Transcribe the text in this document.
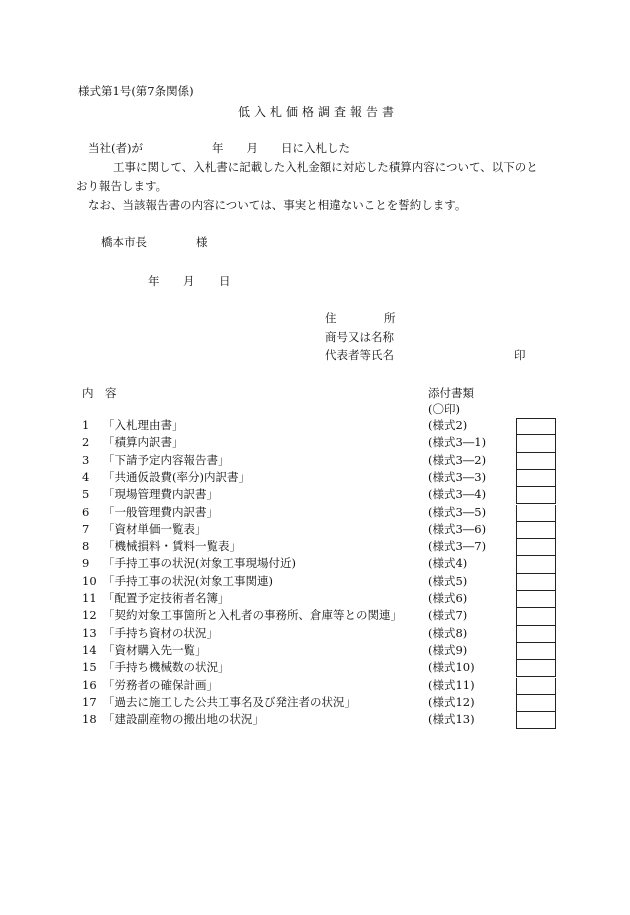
様式第1号(第7条関係)
低入札価格調査報告書
当社(者)が　　　　　　年　　月　　日に入札した
工事に関して、入札書に記載した入札金額に対応した積算内容について、以下のと
おり報告します。
なお、当該報告書の内容については、事実と相違ないことを誓約します。
橋本市長	様
年 月 日
住	所
商号又は名称
代表者等氏名	印
内　容	添付書類
(〇印)
1 「入札理由書」	(様式2)
2 「積算内訳書」	(様式3―1)
3 「下請予定内容報告書」	(様式3―2)
4 「共通仮設費(率分)内訳書」	(様式3―3)
5 「現場管理費内訳書」	(様式3―4)
6 「一般管理費内訳書」	(様式3―5)
7 「資材単価一覧表」	(様式3―6)
8 「機械損料・賃料一覧表」	(様式3―7)
9 「手持工事の状況(対象工事現場付近)	(様式4)
10 「手持工事の状況(対象工事関連)	(様式5)
11 「配置予定技術者名簿」	(様式6)
12 「契約対象工事箇所と入札者の事務所、倉庫等との関連」 (様式7)
13 「手持ち資材の状況」	(様式8)
14 「資材購入先一覧」	(様式9)
15 「手持ち機械数の状況」	(様式10)
16 「労務者の確保計画」	(様式11)
17 「過去に施工した公共工事名及び発注者の状況」	(様式12)
18 「建設副産物の搬出地の状況」	(様式13)
